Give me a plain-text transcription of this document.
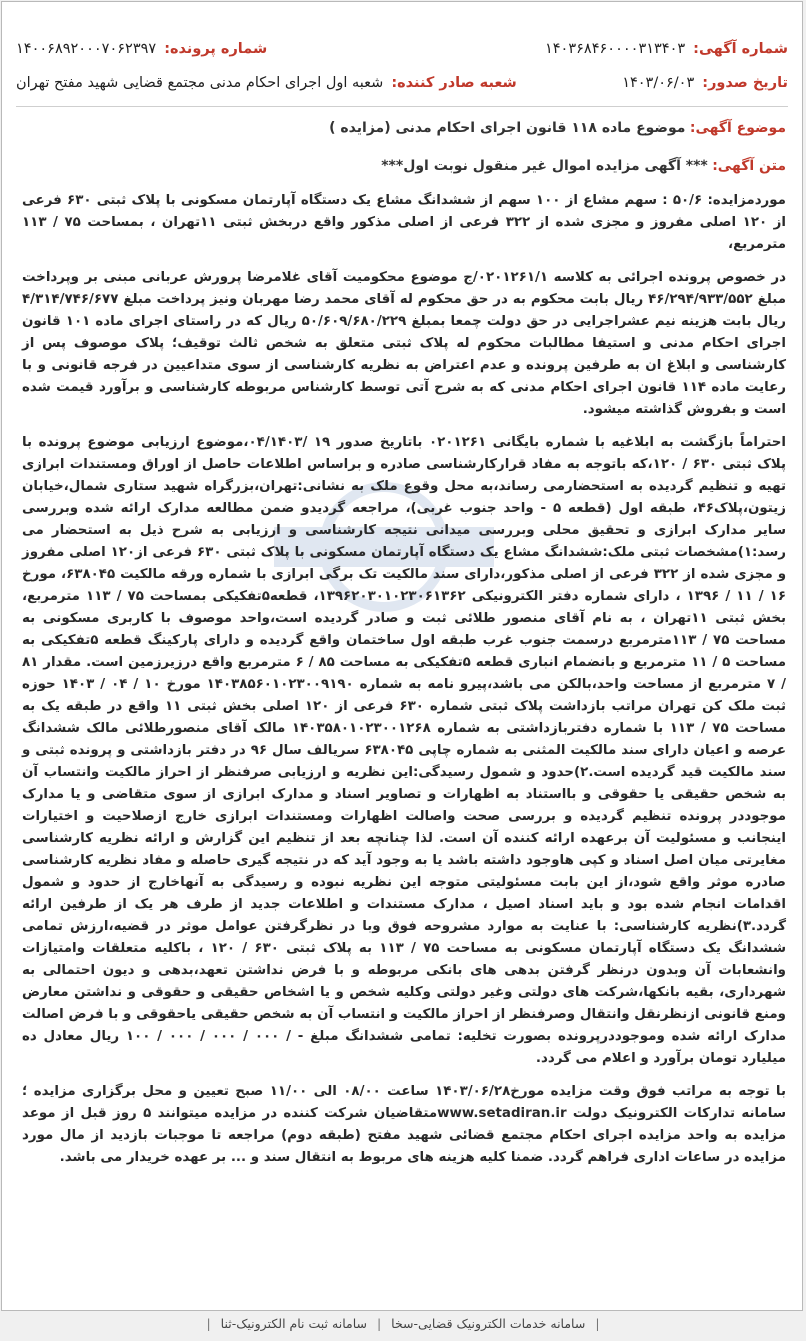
شماره آگهی:
۱۴۰۳۶۸۴۶۰۰۰۰۳۱۳۴۰۳
شماره پرونده:
۱۴۰۰۶۸۹۲۰۰۰۷۰۶۲۳۹۷
تاریخ صدور:
۱۴۰۳/۰۶/۰۳
شعبه صادر کننده:
شعبه اول اجرای احکام مدنی مجتمع قضایی شهید مفتح تهران
موضوع آگهی: موضوع ماده ۱۱۸ قانون اجرای احکام مدنی (مزایده )
متن آگهی: *** آگهی مزایده اموال غیر منقول نوبت اول***

موردمزایده: ۵۰/۶ : سهم مشاع از ۱۰۰ سهم از ششدانگ مشاع یک دستگاه آپارتمان مسکونی با پلاک ثبتی ۶۳۰ فرعی از ۱۲۰ اصلی مفروز و مجزی شده از ۳۲۲ فرعی از اصلی مذکور واقع دربخش ثبتی ۱۱تهران ، بمساحت ۷۵ / ۱۱۳ مترمربع،

در خصوص پرونده اجرائی به کلاسه ۰۲۰۱۲۶۱/۱/ج موضوع محکومیت آقای غلامرضا پرورش عربانی مبنی بر وپرداخت مبلغ ۴۶/۲۹۴/۹۳۳/۵۵۲ ریال بابت محکوم به در حق محکوم له آقای محمد رضا مهربان ونیز پرداخت مبلغ ۴/۳۱۴/۷۴۶/۶۷۷ ریال بابت هزینه نیم عشراجرایی در حق دولت چمعا بمبلغ ۵۰/۶۰۹/۶۸۰/۲۲۹ ریال که در راستای اجرای ماده ۱۰۱ قانون اجرای احکام مدنی و استیفا مطالبات محکوم له پلاک ثبتی متعلق به شخص ثالث توقیف؛ پلاک موصوف پس از کارشناسی و ابلاغ ان به طرفین پرونده و عدم اعتراض به نظریه کارشناسی از سوی متداعیین در فرجه قانونی و با رعایت ماده ۱۱۴ قانون اجرای احکام مدنی که به شرح آتی توسط کارشناس مربوطه کارشناسی و برآورد قیمت شده است و بفروش گذاشته میشود.

احتراماً بازگشت به ابلاغیه با شماره بایگانی ۰۲۰۱۲۶۱ باتاریخ صدور ۱۹ /۰۴/۱۴۰۳،موضوع ارزیابی موضوع پرونده با پلاک ثبتی ۶۳۰ / ۱۲۰،که باتوجه به مفاد قرارکارشناسی صادره و براساس اطلاعات حاصل از اوراق ومستندات ابرازی تهیه و تنظیم گردیده به استحضارمی رساند،به محل وقوع ملک به نشانی:تهران،بزرگراه شهید ستاری شمال،خیابان زیتون،پلاک۴۶، طبقه اول (قطعه ۵ - واحد جنوب غربی)، مراجعه گردیدو ضمن مطالعه مدارک ارائه شده وبررسی سایر مدارک ابرازی و تحقیق محلی وبررسی میدانی نتیجه کارشناسی و ارزیابی به شرح ذیل به استحضار می رسد:۱)مشخصات ثبتی ملک:ششدانگ مشاع یک دستگاه آپارتمان مسکونی با پلاک ثبتی ۶۳۰ فرعی از۱۲۰ اصلی مفروز و مجزی شده از ۳۲۲ فرعی از اصلی مذکور،دارای سند مالکیت تک برگی ابرازی با شماره ورقه مالکیت ۶۳۸۰۴۵، مورخ ۱۶ / ۱۱ / ۱۳۹۶ ، دارای شماره دفتر الکترونیکی ۱۳۹۶۲۰۳۰۱۰۲۳۰۶۱۳۶۲، قطعه۵تفکیکی بمساحت ۷۵ / ۱۱۳ مترمربع، بخش ثبتی ۱۱تهران ، به نام آقای منصور طلائی ثبت و صادر گردیده است،واحد موصوف با کاربری مسکونی به مساحت ۷۵ / ۱۱۳مترمربع درسمت جنوب غرب طبقه اول ساختمان واقع گردیده و دارای پارکینگ قطعه ۵تفکیکی به مساحت ۵ / ۱۱ مترمربع و بانضمام انباری قطعه ۵تفکیکی به مساحت ۸۵ / ۶ مترمربع واقع درزیرزمین است. مقدار ۸۱ / ۷ مترمربع از مساحت واحد،بالکن می باشد،پیرو نامه به شماره ۱۴۰۳۸۵۶۰۱۰۲۳۰۰۹۱۹۰ مورخ ۱۰ / ۰۴ / ۱۴۰۳ حوزه ثبت ملک کن تهران مراتب بازداشت پلاک ثبتی شماره ۶۳۰ فرعی از ۱۲۰ اصلی بخش ثبتی ۱۱ واقع در طبقه یک به مساحت ۷۵ / ۱۱۳ با شماره دفتربازداشتی به شماره ۱۴۰۳۵۸۰۱۰۲۳۰۰۱۲۶۸ مالک آقای منصورطلائی مالک ششدانگ عرصه و اعیان دارای سند مالکیت المثنی به شماره چاپی ۶۳۸۰۴۵ سریالف سال ۹۶ در دفتر بازداشتی و پرونده ثبتی و سند مالکیت قید گردیده است.۲)حدود و شمول رسیدگی:این نظریه و ارزیابی صرفنظر از احراز مالکیت وانتساب آن به شخص حقیقی یا حقوقی و بااستناد به اظهارات و تصاویر اسناد و مدارک ابرازی از سوی متقاضی و یا مدارک موجوددر پرونده تنظیم گردیده و بررسی صحت واصالت اظهارات ومستندات ابرازی خارج ازصلاحیت و اختیارات اینجانب و مسئولیت آن برعهده ارائه کننده آن است. لذا چنانچه بعد از تنظیم این گزارش و ارائه نظریه کارشناسی مغایرتی میان اصل اسناد و کپی هاوجود داشته باشد یا به وجود آید که در نتیجه گیری حاصله و مفاد نظریه کارشناسی صادره موثر واقع شود،از این بابت مسئولیتی متوجه این نظریه نبوده و رسیدگی به آنهاخارج از حدود و شمول اقدامات انجام شده بود و باید اسناد اصیل ، مدارک مستندات و اطلاعات جدید از طرف هر یک از طرفین ارائه گردد.۳)نظریه کارشناسی: با عنایت به موارد مشروحه فوق وبا در نظرگرفتن عوامل موثر در قضیه،ارزش تمامی ششدانگ یک دستگاه آپارتمان مسکونی به مساحت ۷۵ / ۱۱۳ به پلاک ثبتی ۶۳۰ / ۱۲۰ ، باکلیه متعلقات وامتیازات وانشعابات آن وبدون درنظر گرفتن بدهی های بانکی مربوطه و با فرض نداشتن تعهد،بدهی و دیون احتمالی به شهرداری، بقیه بانکها،شرکت های دولتی وغیر دولتی وکلیه شخص و یا اشخاص حقیقی و حقوقی و نداشتن معارض ومنع قانونی ازنظرنقل وانتقال وصرفنظر از احراز مالکیت و انتساب آن به شخص حقیقی یاحقوقی و با فرض اصالت مدارک ارائه شده وموجوددرپرونده بصورت تخلیه: تمامی ششدانگ مبلغ - / ۰۰۰ / ۰۰۰ / ۰۰۰ / ۱۰۰ ریال معادل ده میلیارد تومان برآورد و اعلام می گردد.

با توجه به مراتب فوق وقت مزایده مورخ۱۴۰۳/۰۶/۲۸ ساعت ۰۸/۰۰ الی ۱۱/۰۰ صبح تعیین و محل برگزاری مزایده ؛سامانه تدارکات الکترونیک دولت www.setadiran.irمتقاضیان شرکت کننده در مزایده میتوانند ۵ روز قبل از موعد مزایده به واحد مزایده اجرای احکام مجتمع قضائی شهید مفتح (طبقه دوم) مراجعه تا موجبات بازدید از مال مورد مزایده در ساعات اداری فراهم گردد. ضمنا کلیه هزینه های مربوط به انتقال سند و ... بر عهده خریدار می باشد.

| سامانه خدمات الکترونیک قضایی-سخا | سامانه ثبت نام الکترونیک-ثنا |
